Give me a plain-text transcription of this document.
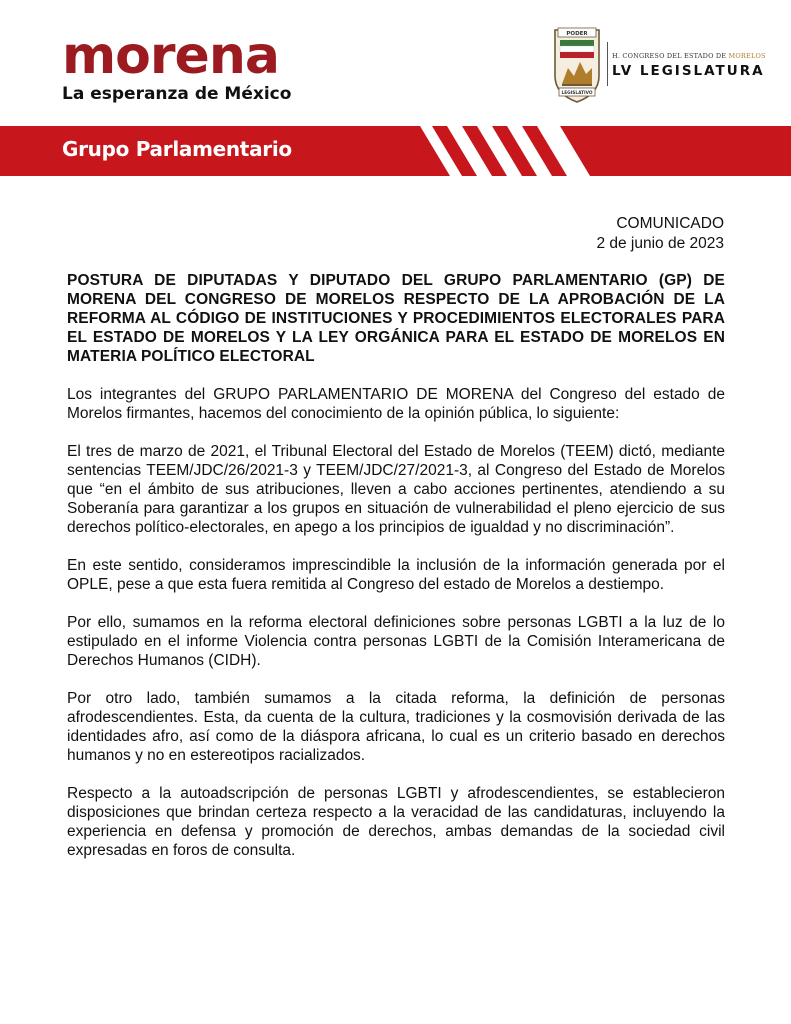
morena
La esperanza de México
PODER
LEGISLATIVO
H. CONGRESO DEL ESTADO DE MORELOS
LV LEGISLATURA
Grupo Parlamentario
COMUNICADO
2 de junio de 2023
POSTURA DE DIPUTADAS Y DIPUTADO DEL GRUPO PARLAMENTARIO (GP) DE MORENA DEL CONGRESO DE MORELOS RESPECTO DE LA APROBACIÓN DE LA REFORMA AL CÓDIGO DE INSTITUCIONES Y PROCEDIMIENTOS ELECTORALES PARA EL ESTADO DE MORELOS Y LA LEY ORGÁNICA PARA EL ESTADO DE MORELOS EN MATERIA POLÍTICO ELECTORAL

Los integrantes del GRUPO PARLAMENTARIO DE MORENA del Congreso del estado de Morelos firmantes, hacemos del conocimiento de la opinión pública, lo siguiente:

El tres de marzo de 2021, el Tribunal Electoral del Estado de Morelos (TEEM) dictó, mediante sentencias TEEM/JDC/26/2021-3 y TEEM/JDC/27/2021-3, al Congreso del Estado de Morelos que “en el ámbito de sus atribuciones, lleven a cabo acciones pertinentes, atendiendo a su Soberanía para garantizar a los grupos en situación de vulnerabilidad el pleno ejercicio de sus derechos político-electorales, en apego a los principios de igualdad y no discriminación”.

En este sentido, consideramos imprescindible la inclusión de la información generada por el OPLE, pese a que esta fuera remitida al Congreso del estado de Morelos a destiempo.

Por ello, sumamos en la reforma electoral definiciones sobre personas LGBTI a la luz de lo estipulado en el informe Violencia contra personas LGBTI de la Comisión Interamericana de Derechos Humanos (CIDH).

Por otro lado, también sumamos a la citada reforma, la definición de personas afrodescendientes. Esta, da cuenta de la cultura, tradiciones y la cosmovisión derivada de las identidades afro, así como de la diáspora africana, lo cual es un criterio basado en derechos humanos y no en estereotipos racializados.

Respecto a la autoadscripción de personas LGBTI y afrodescendientes, se establecieron disposiciones que brindan certeza respecto a la veracidad de las candidaturas, incluyendo la experiencia en defensa y promoción de derechos, ambas demandas de la sociedad civil expresadas en foros de consulta.
